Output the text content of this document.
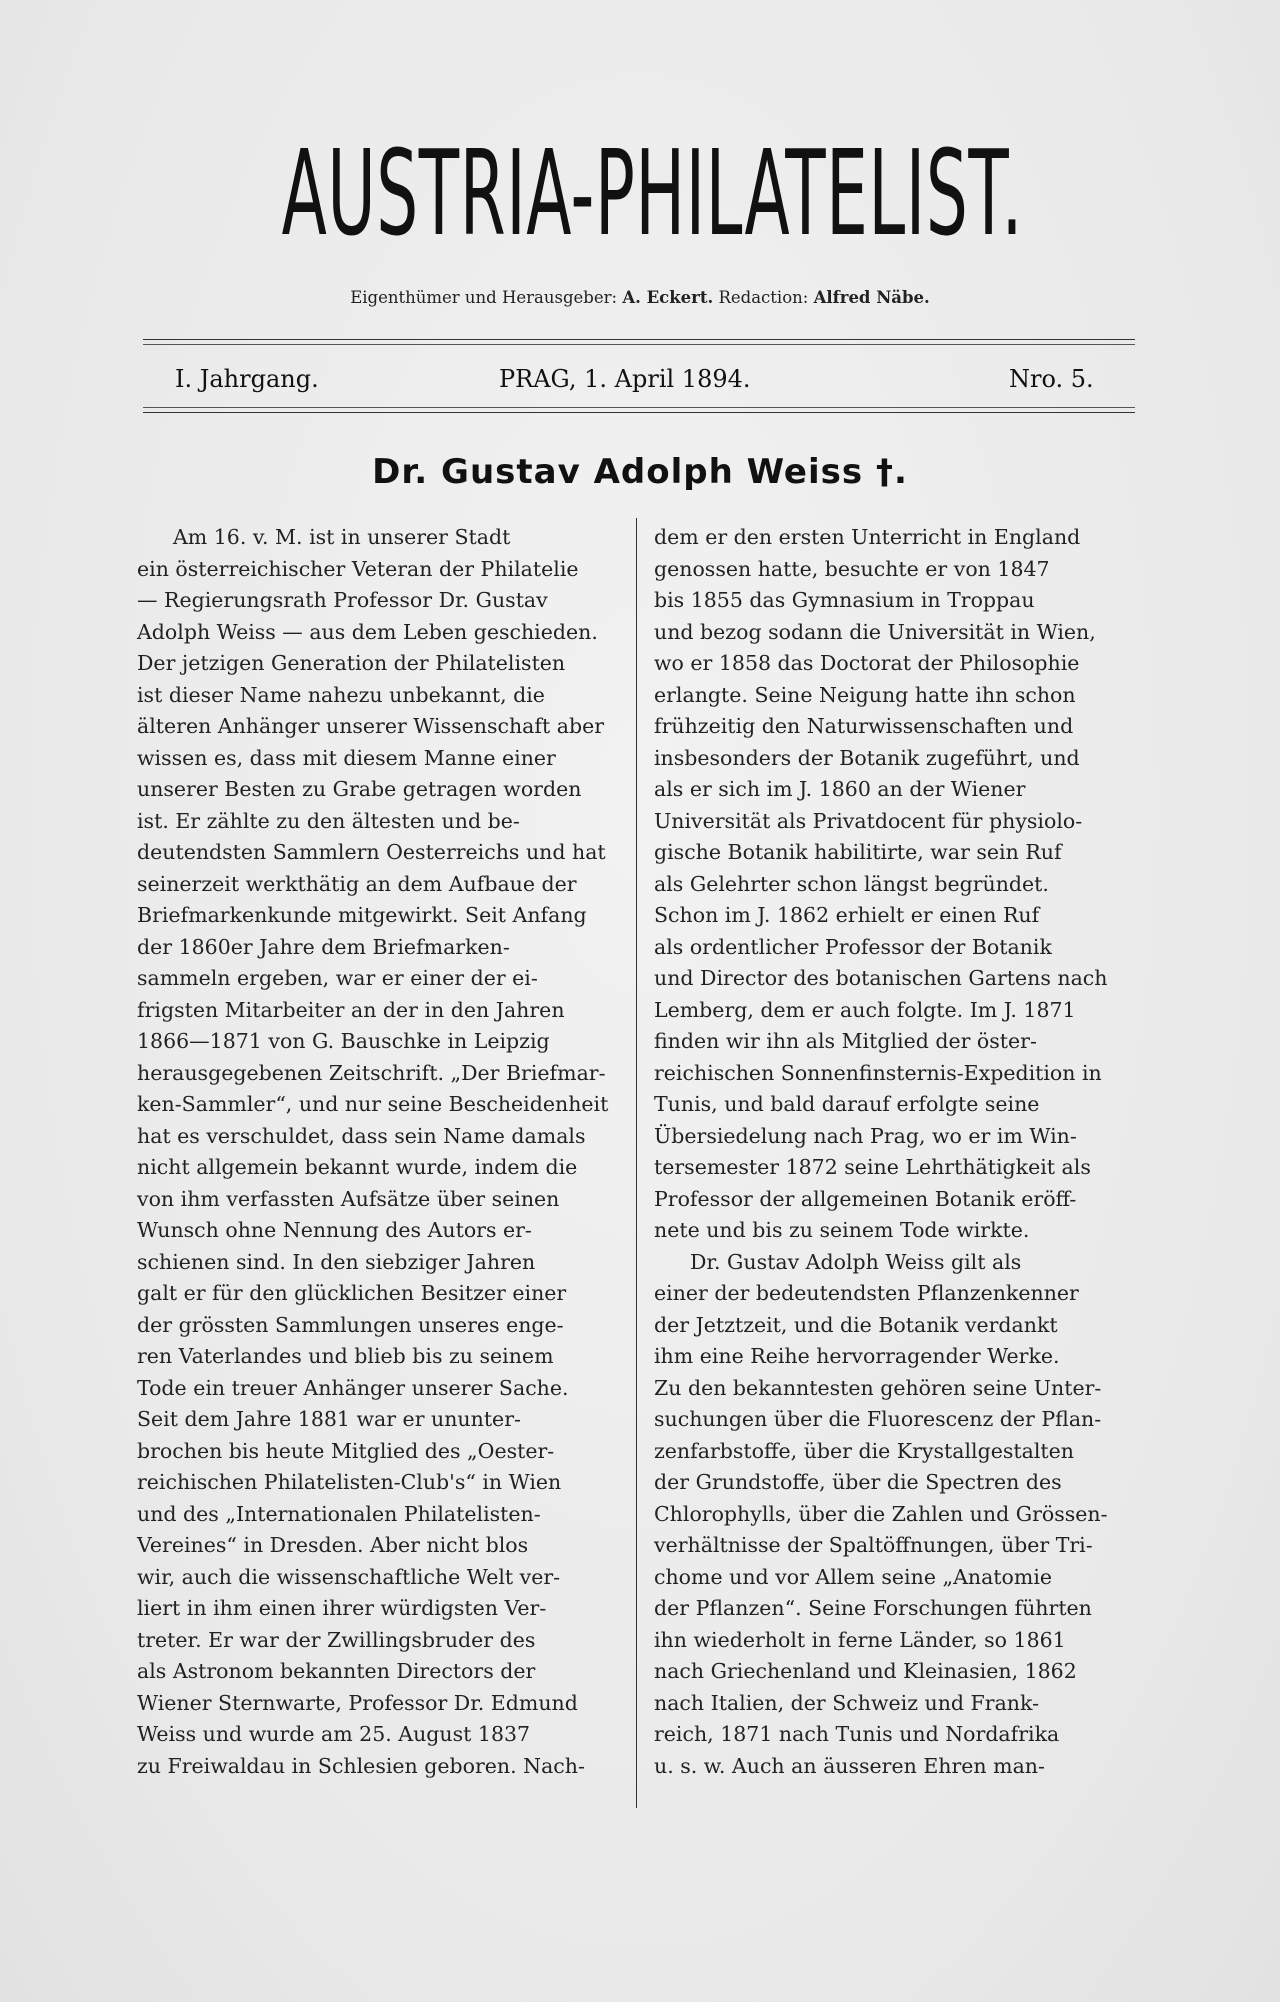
AUSTRIA-PHILATELIST.
Eigenthümer und Herausgeber: A. Eckert. Redaction: Alfred Näbe.
I. Jahrgang.	PRAG, 1. April 1894.	Nro. 5.
Dr. Gustav Adolph Weiss †.
Am 16. v. M. ist in unserer Stadt
ein österreichischer Veteran der Philatelie
— Regierungsrath Professor Dr. Gustav
Adolph Weiss — aus dem Leben geschieden.
Der jetzigen Generation der Philatelisten
ist dieser Name nahezu unbekannt, die
älteren Anhänger unserer Wissenschaft aber
wissen es, dass mit diesem Manne einer
unserer Besten zu Grabe getragen worden
ist. Er zählte zu den ältesten und be-
deutendsten Sammlern Oesterreichs und hat
seinerzeit werkthätig an dem Aufbaue der
Briefmarkenkunde mitgewirkt. Seit Anfang
der 1860er Jahre dem Briefmarken-
sammeln ergeben, war er einer der ei-
frigsten Mitarbeiter an der in den Jahren
1866—1871 von G. Bauschke in Leipzig
herausgegebenen Zeitschrift. „Der Briefmar-
ken-Sammler“, und nur seine Bescheidenheit
hat es verschuldet, dass sein Name damals
nicht allgemein bekannt wurde, indem die
von ihm verfassten Aufsätze über seinen
Wunsch ohne Nennung des Autors er-
schienen sind. In den siebziger Jahren
galt er für den glücklichen Besitzer einer
der grössten Sammlungen unseres enge-
ren Vaterlandes und blieb bis zu seinem
Tode ein treuer Anhänger unserer Sache.
Seit dem Jahre 1881 war er ununter-
brochen bis heute Mitglied des „Oester-
reichischen Philatelisten-Club's“ in Wien
und des „Internationalen Philatelisten-
Vereines“ in Dresden. Aber nicht blos
wir, auch die wissenschaftliche Welt ver-
liert in ihm einen ihrer würdigsten Ver-
treter. Er war der Zwillingsbruder des
als Astronom bekannten Directors der
Wiener Sternwarte, Professor Dr. Edmund
Weiss und wurde am 25. August 1837
zu Freiwaldau in Schlesien geboren. Nach-
dem er den ersten Unterricht in England
genossen hatte, besuchte er von 1847
bis 1855 das Gymnasium in Troppau
und bezog sodann die Universität in Wien,
wo er 1858 das Doctorat der Philosophie
erlangte. Seine Neigung hatte ihn schon
frühzeitig den Naturwissenschaften und
insbesonders der Botanik zugeführt, und
als er sich im J. 1860 an der Wiener
Universität als Privatdocent für physiolo-
gische Botanik habilitirte, war sein Ruf
als Gelehrter schon längst begründet.
Schon im J. 1862 erhielt er einen Ruf
als ordentlicher Professor der Botanik
und Director des botanischen Gartens nach
Lemberg, dem er auch folgte. Im J. 1871
finden wir ihn als Mitglied der öster-
reichischen Sonnenfinsternis-Expedition in
Tunis, und bald darauf erfolgte seine
Übersiedelung nach Prag, wo er im Win-
tersemester 1872 seine Lehrthätigkeit als
Professor der allgemeinen Botanik eröff-
nete und bis zu seinem Tode wirkte.
Dr. Gustav Adolph Weiss gilt als
einer der bedeutendsten Pflanzenkenner
der Jetztzeit, und die Botanik verdankt
ihm eine Reihe hervorragender Werke.
Zu den bekanntesten gehören seine Unter-
suchungen über die Fluorescenz der Pflan-
zenfarbstoffe, über die Krystallgestalten
der Grundstoffe, über die Spectren des
Chlorophylls, über die Zahlen und Grössen-
verhältnisse der Spaltöffnungen, über Tri-
chome und vor Allem seine „Anatomie
der Pflanzen“. Seine Forschungen führten
ihn wiederholt in ferne Länder, so 1861
nach Griechenland und Kleinasien, 1862
nach Italien, der Schweiz und Frank-
reich, 1871 nach Tunis und Nordafrika
u. s. w. Auch an äusseren Ehren man-
